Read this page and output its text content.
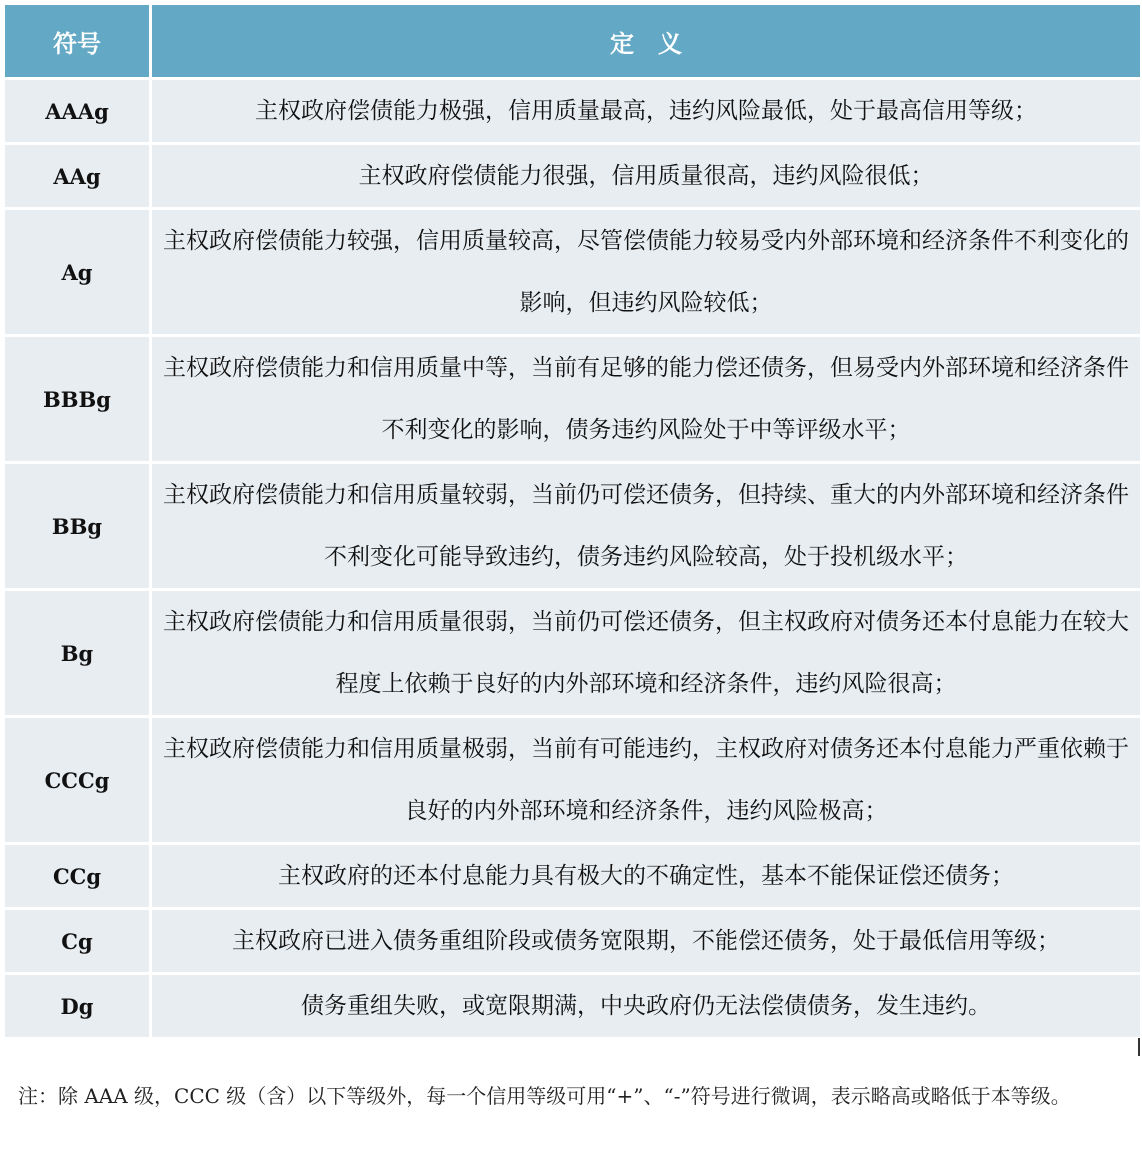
符号	定　义
AAAg	主权政府偿债能力极强，信用质量最高，违约风险最低，处于最高信用等级；
AAg	主权政府偿债能力很强，信用质量很高，违约风险很低；
Ag	主权政府偿债能力较强，信用质量较高，尽管偿债能力较易受内外部环境和经济条件不利变化的影响，但违约风险较低；
BBBg	主权政府偿债能力和信用质量中等，当前有足够的能力偿还债务，但易受内外部环境和经济条件不利变化的影响，债务违约风险处于中等评级水平；
BBg	主权政府偿债能力和信用质量较弱，当前仍可偿还债务，但持续、重大的内外部环境和经济条件不利变化可能导致违约，债务违约风险较高，处于投机级水平；
Bg	主权政府偿债能力和信用质量很弱，当前仍可偿还债务，但主权政府对债务还本付息能力在较大程度上依赖于良好的内外部环境和经济条件，违约风险很高；
CCCg	主权政府偿债能力和信用质量极弱，当前有可能违约，主权政府对债务还本付息能力严重依赖于良好的内外部环境和经济条件，违约风险极高；
CCg	主权政府的还本付息能力具有极大的不确定性，基本不能保证偿还债务；
Cg	主权政府已进入债务重组阶段或债务宽限期，不能偿还债务，处于最低信用等级；
Dg	债务重组失败，或宽限期满，中央政府仍无法偿债债务，发生违约。
注：除 AAA 级，CCC 级（含）以下等级外，每一个信用等级可用“+”、“-”符号进行微调，表示略高或略低于本等级。
